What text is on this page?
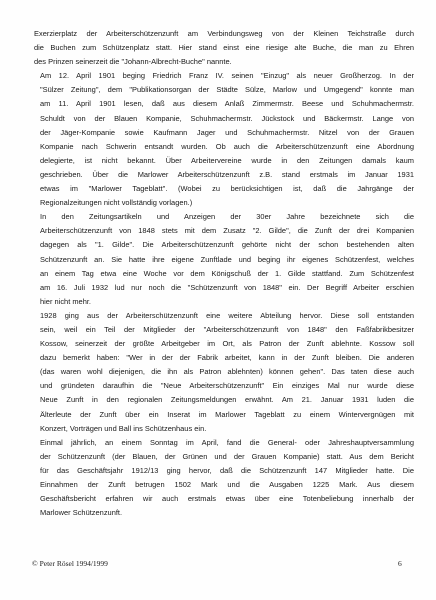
Exerzierplatz der Arbeiterschützenzunft am Verbindungsweg von der Kleinen Teichstraße durch
die Buchen zum Schützenplatz statt. Hier stand einst eine riesige alte Buche, die man zu Ehren
des Prinzen seinerzeit die "Johann-Albrecht-Buche" nannte.

Am 12. April 1901 beging Friedrich Franz IV. seinen "Einzug" als neuer Großherzog. In der
"Sülzer Zeitung", dem "Publikationsorgan der Städte Sülze, Marlow und Umgegend" konnte man
am 11. April 1901 lesen, daß aus diesem Anlaß Zimmermstr. Beese und Schuhmachermstr.
Schuldt von der Blauen Kompanie, Schuhmachermstr. Jückstock und Bäckermstr. Lange von
der Jäger-Kompanie sowie Kaufmann Jager und Schuhmachermstr. Nitzel von der Grauen
Kompanie nach Schwerin entsandt wurden. Ob auch die Arbeiterschützenzunft eine Abordnung
delegierte, ist nicht bekannt. Über Arbeitervereine wurde in den Zeitungen damals kaum
geschrieben. Über die Marlower Arbeiterschützenzunft z.B. stand erstmals im Januar 1931
etwas im "Marlower Tageblatt". (Wobei zu berücksichtigen ist, daß die Jahrgänge der
Regionalzeitungen nicht vollständig vorlagen.)

In den Zeitungsartikeln und Anzeigen der 30er Jahre bezeichnete sich die
Arbeiterschützenzunft von 1848 stets mit dem Zusatz "2. Gilde", die Zunft der drei Kompanien
dagegen als "1. Gilde". Die Arbeiterschützenzunft gehörte nicht der schon bestehenden alten
Schützenzunft an. Sie hatte ihre eigene Zunftlade und beging ihr eigenes Schützenfest, welches
an einem Tag etwa eine Woche vor dem Königschuß der 1. Gilde stattfand. Zum Schützenfest
am 16. Juli 1932 lud nur noch die "Schützenzunft von 1848" ein. Der Begriff Arbeiter erschien
hier nicht mehr.

1928 ging aus der Arbeiterschützenzunft eine weitere Abteilung hervor. Diese soll entstanden
sein, weil ein Teil der Mitglieder der "Arbeiterschützenzunft von 1848" den Faßfabrikbesitzer
Kossow, seinerzeit der größte Arbeitgeber im Ort, als Patron der Zunft ablehnte. Kossow soll
dazu bemerkt haben: "Wer in der der Fabrik arbeitet, kann in der Zunft bleiben. Die anderen
(das waren wohl diejenigen, die ihn als Patron ablehnten) können gehen". Das taten diese auch
und gründeten daraufhin die "Neue Arbeiterschützenzunft" Ein einziges Mal nur wurde diese
Neue Zunft in den regionalen Zeitungsmeldungen erwähnt. Am 21. Januar 1931 luden die
Älterleute der Zunft über ein Inserat im Marlower Tageblatt zu einem Wintervergnügen mit
Konzert, Vorträgen und Ball ins Schützenhaus ein.

Einmal jährlich, an einem Sonntag im April, fand die General- oder Jahreshauptversammlung
der Schützenzunft (der Blauen, der Grünen und der Grauen Kompanie) statt. Aus dem Bericht
für das Geschäftsjahr 1912/13 ging hervor, daß die Schützenzunft 147 Mitglieder hatte. Die
Einnahmen der Zunft betrugen 1502 Mark und die Ausgaben 1225 Mark. Aus diesem
Geschäftsbericht erfahren wir auch erstmals etwas über eine Totenbeliebung innerhalb der
Marlower Schützenzunft.

© Peter Rösel 1994/1999	6
